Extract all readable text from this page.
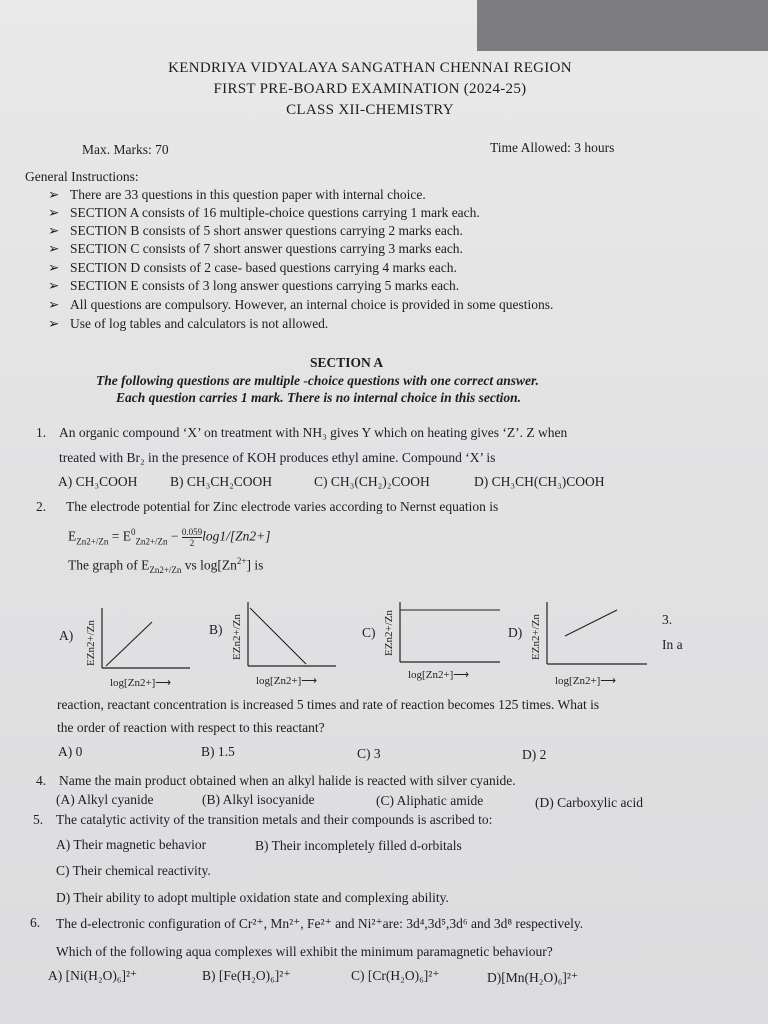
KENDRIYA VIDYALAYA SANGATHAN CHENNAI REGION
FIRST PRE-BOARD EXAMINATION (2024-25)
CLASS XII-CHEMISTRY
Max. Marks: 70	Time Allowed: 3 hours
General Instructions:
➢ There are 33 questions in this question paper with internal choice.
➢ SECTION A consists of 16 multiple-choice questions carrying 1 mark each.
➢ SECTION B consists of 5 short answer questions carrying 2 marks each.
➢ SECTION C consists of 7 short answer questions carrying 3 marks each.
➢ SECTION D consists of 2 case- based questions carrying 4 marks each.
➢ SECTION E consists of 3 long answer questions carrying 5 marks each.
➢ All questions are compulsory. However, an internal choice is provided in some questions.
➢ Use of log tables and calculators is not allowed.
SECTION A
The following questions are multiple -choice questions with one correct answer.
Each question carries 1 mark. There is no internal choice in this section.
1. An organic compound ‘X’ on treatment with NH₃ gives Y which on heating gives ‘Z’. Z when
treated with Br₂ in the presence of KOH produces ethyl amine. Compound ‘X’ is
A) CH₃COOH B) CH₃CH₂COOH	C) CH₃(CH₂)₂COOH	D) CH₃CH(CH₃)COOH
2. The electrode potential for Zinc electrode varies according to Nernst equation is
$E_{Zn2+/Zn} = E^0_{Zn2+/Zn} - \frac{0.059}{2} \log 1/[Zn2+]$
The graph of $E_{Zn2+/Zn}$ vs $\log[Zn^{2+}]$ is
A) EZn2+/Zn
log[Zn2+]⟶
B) EZn2+/Zn
log[Zn2+]⟶
C) EZn2+/Zn
log[Zn2+]⟶
D) EZn2+/Zn
log[Zn2+]⟶
3.
In a
reaction, reactant concentration is increased 5 times and rate of reaction becomes 125 times. What is
the order of reaction with respect to this reactant?
A) 0	B) 1.5	C) 3	D) 2
4. Name the main product obtained when an alkyl halide is reacted with silver cyanide.
(A) Alkyl cyanide	(B) Alkyl isocyanide	(C) Aliphatic amide	(D) Carboxylic acid
5. The catalytic activity of the transition metals and their compounds is ascribed to:
A) Their magnetic behavior	B) Their incompletely filled d-orbitals
C) Their chemical reactivity.
D) Their ability to adopt multiple oxidation state and complexing ability.
6. The d-electronic configuration of Cr²⁺, Mn²⁺, Fe²⁺ and Ni²⁺are: 3d⁴,3d⁵,3d⁶ and 3d⁸ respectively.
Which of the following aqua complexes will exhibit the minimum paramagnetic behaviour?
A) [Ni(H₂O)₆]²⁺	B) [Fe(H₂O)₆]²⁺	C) [Cr(H₂O)₆]²⁺	D)[Mn(H₂O)₆]²⁺
